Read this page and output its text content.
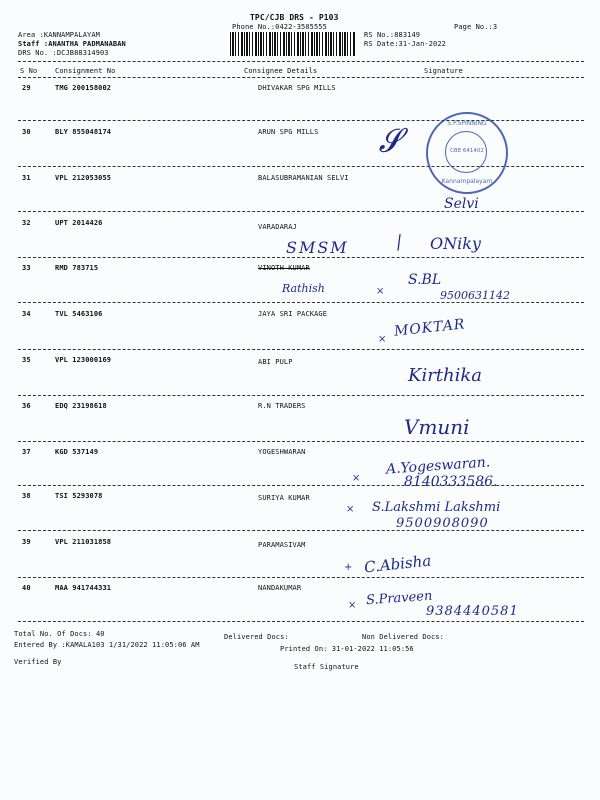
TPC/CJB DRS - P103
Phone No.:0422-3505555
Area :KANNAMPALAYAM
Staff :ANANTHA PADMANABAN
DRS No. :DCJB88314903
RS No.:883149
RS Date:31-Jan-2022
Page No.:3
S No	Consignment No	Consignee Details	Signature
29	TMG 200158002	DHIVAKAR SPG MILLS
30	BLY 855048174	ARUN SPG MILLS
31	VPL 212053055	BALASUBRAMANIAN SELVI
32	UPT 2014426	VARADARAJ
33	RMD 783715	VINOTH KUMAR
34	TVL 5463106	JAYA SRI PACKAGE
35	VPL 123000169	ABI PULP
36	EDQ 23198618	R.N TRADERS
37	KGD 537149	YOGESHWARAN
38	TSI 5293078	SURIYA KUMAR
39	VPL 211031858	PARAMASIVAM
40	MAA 941744331	NANDAKUMAR
S.P.SPINNING
CBE 641402
Kannampalayam
𝓢
Selvi
SMSM / ONiky
Rathish	×
S.BL
9500631142
× MOKTAR
Kirthika
Vmuni
×
A.Yogeswaran.
8140333586.
× S.Lakshmi Lakshmi
9500908090
+ C.Abisha
× S.Praveen
9384440581
Total No. Of Docs: 40	Delivered Docs:	Non Delivered Docs:
Entered By :KAMALA103 1/31/2022 11:05:06 AM	Printed On: 31-01-2022 11:05:56
Verified By
Staff Signature
